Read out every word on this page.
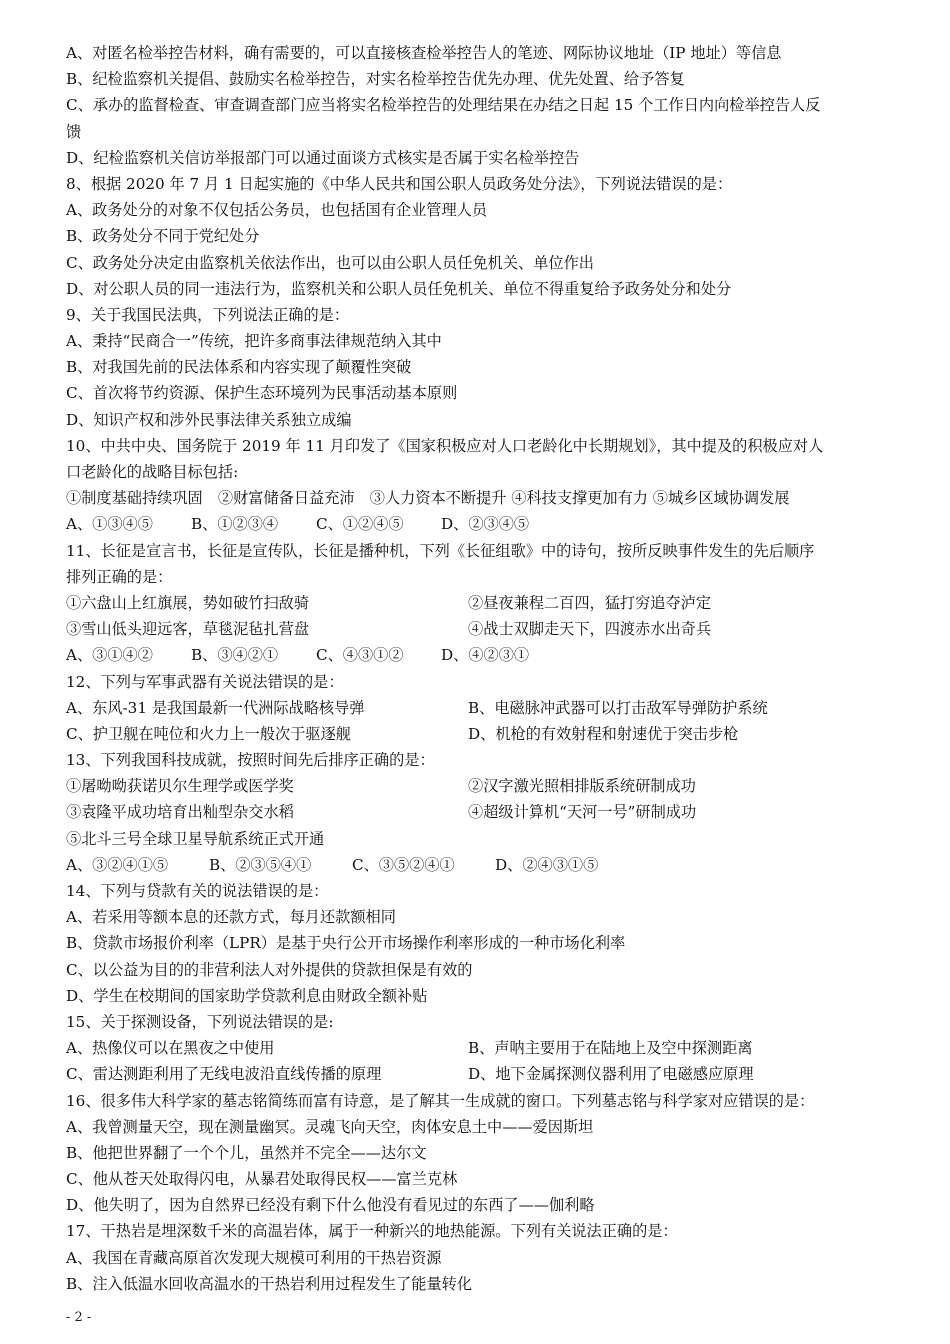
A、对匿名检举控告材料，确有需要的，可以直接核查检举控告人的笔迹、网际协议地址（IP 地址）等信息
B、纪检监察机关提倡、鼓励实名检举控告，对实名检举控告优先办理、优先处置、给予答复
C、承办的监督检查、审查调查部门应当将实名检举控告的处理结果在办结之日起 15 个工作日内向检举控告人反
馈
D、纪检监察机关信访举报部门可以通过面谈方式核实是否属于实名检举控告
8、根据 2020 年 7 月 1 日起实施的《中华人民共和国公职人员政务处分法》，下列说法错误的是：
A、政务处分的对象不仅包括公务员，也包括国有企业管理人员
B、政务处分不同于党纪处分
C、政务处分决定由监察机关依法作出，也可以由公职人员任免机关、单位作出
D、对公职人员的同一违法行为，监察机关和公职人员任免机关、单位不得重复给予政务处分和处分
9、关于我国民法典，下列说法正确的是：
A、秉持“民商合一”传统，把许多商事法律规范纳入其中
B、对我国先前的民法体系和内容实现了颠覆性突破
C、首次将节约资源、保护生态环境列为民事活动基本原则
D、知识产权和涉外民事法律关系独立成编
10、中共中央、国务院于 2019 年 11 月印发了《国家积极应对人口老龄化中长期规划》，其中提及的积极应对人
口老龄化的战略目标包括:
①制度基础持续巩固　②财富储备日益充沛　③人力资本不断提升 ④科技支撑更加有力 ⑤城乡区域协调发展
A、①③④⑤	B、①②③④	C、①②④⑤	D、②③④⑤
11、长征是宣言书，长征是宣传队，长征是播种机，下列《长征组歌》中的诗句，按所反映事件发生的先后顺序
排列正确的是：
①六盘山上红旗展，势如破竹扫敌骑	②昼夜兼程二百四，猛打穷追夺泸定
③雪山低头迎远客，草毯泥毡扎营盘	④战士双脚走天下，四渡赤水出奇兵
A、③①④②	B、③④②①	C、④③①②	D、④②③①
12、下列与军事武器有关说法错误的是：
A、东风-31 是我国最新一代洲际战略核导弹	B、电磁脉冲武器可以打击敌军导弹防护系统
C、护卫舰在吨位和火力上一般次于驱逐舰	D、机枪的有效射程和射速优于突击步枪
13、下列我国科技成就，按照时间先后排序正确的是：
①屠呦呦获诺贝尔生理学或医学奖	②汉字激光照相排版系统研制成功
③袁隆平成功培育出籼型杂交水稻	④超级计算机“天河一号”研制成功
⑤北斗三号全球卫星导航系统正式开通
A、③②④①⑤	B、②③⑤④①	C、③⑤②④①	D、②④③①⑤
14、下列与贷款有关的说法错误的是：
A、若采用等额本息的还款方式，每月还款额相同
B、贷款市场报价利率（LPR）是基于央行公开市场操作利率形成的一种市场化利率
C、以公益为目的的非营利法人对外提供的贷款担保是有效的
D、学生在校期间的国家助学贷款利息由财政全额补贴
15、关于探测设备，下列说法错误的是:
A、热像仪可以在黑夜之中使用	B、声呐主要用于在陆地上及空中探测距离
C、雷达测距利用了无线电波沿直线传播的原理	D、地下金属探测仪器利用了电磁感应原理
16、很多伟大科学家的墓志铭简练而富有诗意，是了解其一生成就的窗口。下列墓志铭与科学家对应错误的是：
A、我曾测量天空，现在测量幽冥。灵魂飞向天空，肉体安息土中——爱因斯坦
B、他把世界翻了一个个儿，虽然并不完全——达尔文
C、他从苍天处取得闪电，从暴君处取得民权——富兰克林
D、他失明了，因为自然界已经没有剩下什么他没有看见过的东西了——伽利略
17、干热岩是埋深数千米的高温岩体，属于一种新兴的地热能源。下列有关说法正确的是：
A、我国在青藏高原首次发现大规模可利用的干热岩资源
B、注入低温水回收高温水的干热岩利用过程发生了能量转化
- 2 -
